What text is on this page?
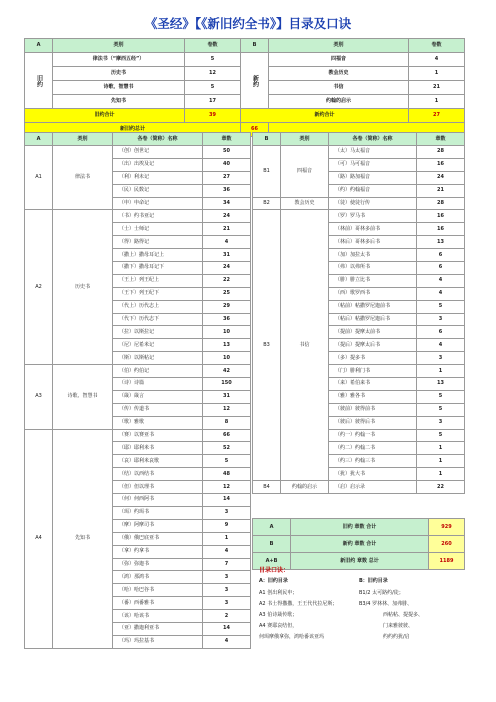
《圣经》【《新旧约全书》】目录及口诀
A	类别	卷数	B	类别	卷数
旧约	律法书（“摩西五经”）	5	新约	四福音	4
	历史书	12		教会历史	1
	诗歌、智慧书	5		书信	21
	先知书	17		约翰的启示	1
旧约合计		39	新约合计		27
新旧约总计			66		
A	类别	各卷（简称）名称	章数
A1	律法书	（创）创世记	50
		（出）出埃及记	40
		（利）利未记	27
		（民）民数记	36
		（申）申命记	34
A2	历史书	（书）约书亚记	24
		（士）士师记	21
		（得）路得记	4
		（撒上）撒母耳记上	31
		（撒下）撒母耳记下	24
		（王上）列王纪上	22
		（王下）列王纪下	25
		（代上）历代志上	29
		（代下）历代志下	36
		（拉）以斯拉记	10
		（尼）尼希米记	13
		（斯）以斯帖记	10
A3	诗歌、智慧书	（伯）约伯记	42
		（诗）诗篇	150
		（箴）箴言	31
		（传）传道书	12
		（歌）雅歌	8
A4	先知书	（赛）以赛亚书	66
		（耶）耶利米书	52
		（哀）耶利米哀歌	5
		（结）以西结书	48
		（但）但以理书	12
		（何）何西阿书	14
		（珥）约珥书	3
		（摩）阿摩司书	9
		（俄）俄巴底亚书	1
		（拿）约拿书	4
		（弥）弥迦书	7
		（鸿）那鸿书	3
		（哈）哈巴谷书	3
		（番）西番雅书	3
		（该）哈该书	2
		（亚）撒迦利亚书	14
		（玛）玛拉基书	4
B	类别	各卷（简称）名称	章数
B1	四福音	（太）马太福音	28
		（可）马可福音	16
		（路）路加福音	24
		（约）约翰福音	21
B2	教会历史	（徒）使徒行传	28
B3	书信	（罗）罗马书	16
		（林前）哥林多前书	16
		（林后）哥林多后书	13
		（加）加拉太书	6
		（弗）以弗所书	6
		（腓）腓立比书	4
		（西）歌罗西书	4
		（帖前）帖撒罗尼迦前书	5
		（帖后）帖撒罗尼迦后书	3
		（提前）提摩太前书	6
		（提后）提摩太后书	4
		（多）提多书	3
		（门）腓利门书	1
		（来）希伯来书	13
		（雅）雅各书	5
		（彼前）彼得前书	5
		（彼后）彼得后书	3
		（约一）约翰一书	5
		（约二）约翰二书	1
		（约三）约翰三书	1
		（犹）犹大书	1
B4	约翰的启示	（启）启示录	22
A	旧约 章数 合计	929
B	新约 章数 合计	260
A+B	新旧约 章数 总计	1189
目录口诀：
A：旧约目录	B：旧约目录
A1 创出利民申；
A2 书士得撒撒，王王代代拉尼斯；
A3 伯诗箴传歌；
A4 赛耶哀结但，
何珥摩俄拿弥，鸿哈番该亚玛
B1/2 太可路约/徒；
B3/4 罗林林、加弗腓、
西帖帖、提提多、
门来雅彼彼、
约约约犹/启
